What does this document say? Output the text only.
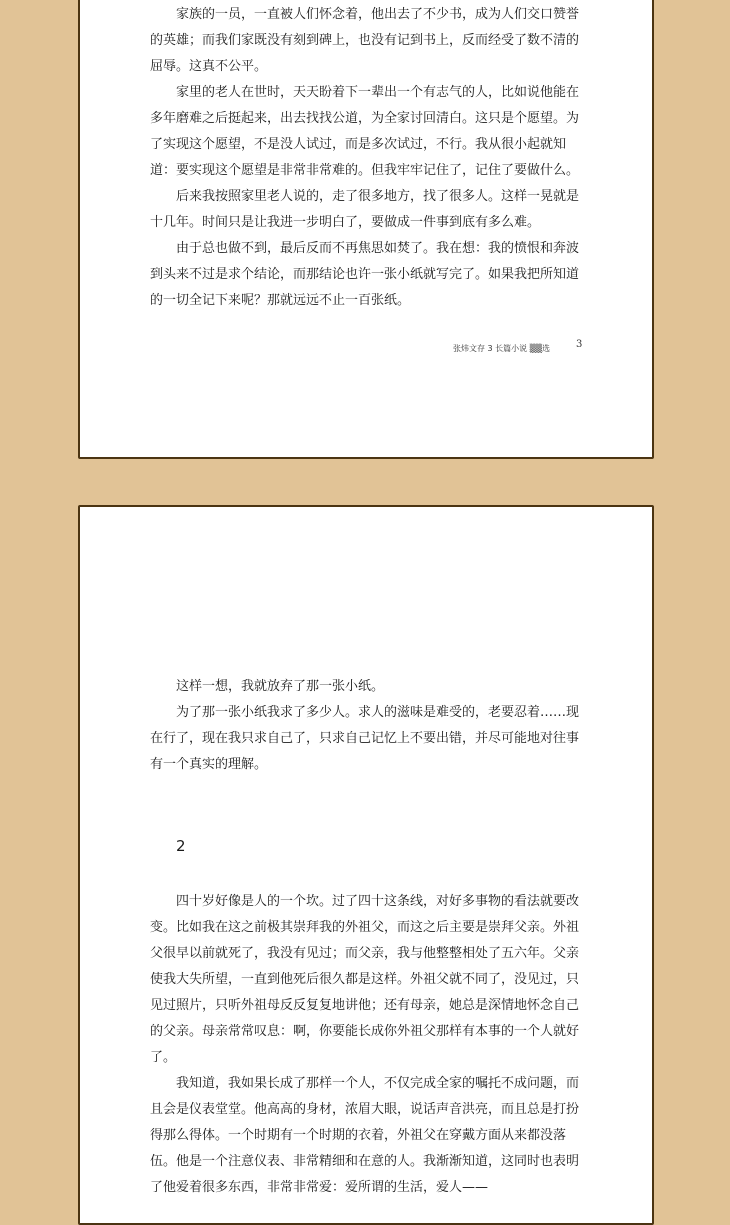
家族的一员，一直被人们怀念着，他出去了不少书，成为人们交口赞誉的英雄；而我们家既没有刻到碑上，也没有记到书上，反而经受了数不清的屈辱。这真不公平。

家里的老人在世时，天天盼着下一辈出一个有志气的人，比如说他能在多年磨难之后挺起来，出去找找公道，为全家讨回清白。这只是个愿望。为了实现这个愿望，不是没人试过，而是多次试过，不行。我从很小起就知道：要实现这个愿望是非常非常难的。但我牢牢记住了，记住了要做什么。

后来我按照家里老人说的，走了很多地方，找了很多人。这样一晃就是十几年。时间只是让我进一步明白了，要做成一件事到底有多么难。

由于总也做不到，最后反而不再焦思如焚了。我在想：我的愤恨和奔波到头来不过是求个结论，而那结论也许一张小纸就写完了。如果我把所知道的一切全记下来呢？那就远远不止一百张纸。

张炜文存 3 长篇小说 ▒▒选	3

这样一想，我就放弃了那一张小纸。

为了那一张小纸我求了多少人。求人的滋味是难受的，老要忍着……现在行了，现在我只求自己了，只求自己记忆上不要出错，并尽可能地对往事有一个真实的理解。

2

四十岁好像是人的一个坎。过了四十这条线，对好多事物的看法就要改变。比如我在这之前极其崇拜我的外祖父，而这之后主要是崇拜父亲。外祖父很早以前就死了，我没有见过；而父亲，我与他整整相处了五六年。父亲使我大失所望，一直到他死后很久都是这样。外祖父就不同了，没见过，只见过照片，只听外祖母反反复复地讲他；还有母亲，她总是深情地怀念自己的父亲。母亲常常叹息：啊，你要能长成你外祖父那样有本事的一个人就好了。

我知道，我如果长成了那样一个人，不仅完成全家的嘱托不成问题，而且会是仪表堂堂。他高高的身材，浓眉大眼，说话声音洪亮，而且总是打扮得那么得体。一个时期有一个时期的衣着，外祖父在穿戴方面从来都没落伍。他是一个注意仪表、非常精细和在意的人。我渐渐知道，这同时也表明了他爱着很多东西，非常非常爱：爱所谓的生活，爱人——
